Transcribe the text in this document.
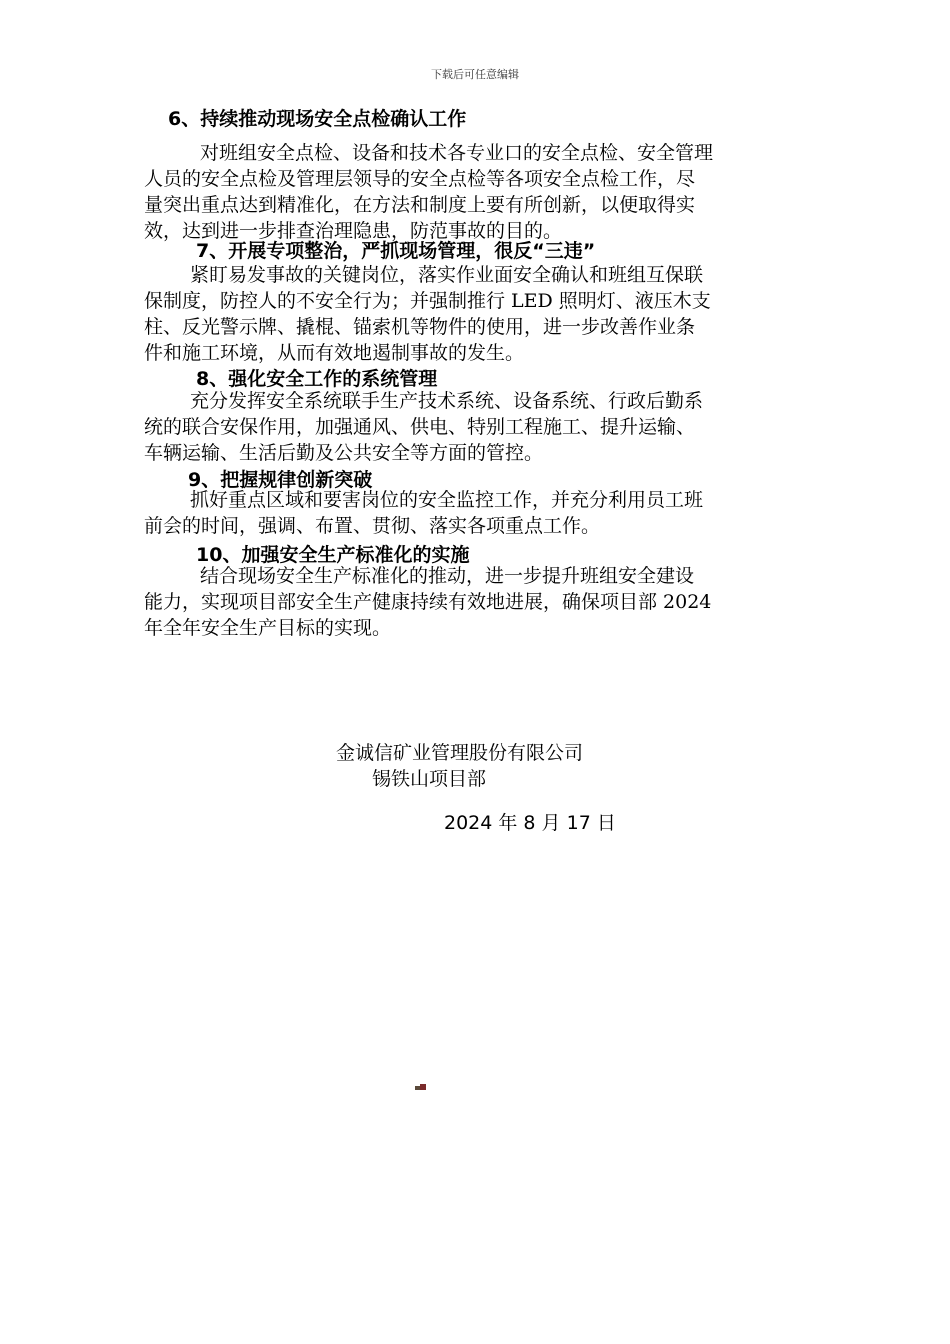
下载后可任意编辑
6、持续推动现场安全点检确认工作
对班组安全点检、设备和技术各专业口的安全点检、安全管理
人员的安全点检及管理层领导的安全点检等各项安全点检工作，尽
量突出重点达到精准化，在方法和制度上要有所创新，以便取得实
效，达到进一步排查治理隐患，防范事故的目的。
7、开展专项整治，严抓现场管理，很反“三违”
紧盯易发事故的关键岗位，落实作业面安全确认和班组互保联
保制度，防控人的不安全行为；并强制推行 LED 照明灯、液压木支
柱、反光警示牌、撬棍、锚索机等物件的使用，进一步改善作业条
件和施工环境，从而有效地遏制事故的发生。
8、强化安全工作的系统管理
充分发挥安全系统联手生产技术系统、设备系统、行政后勤系
统的联合安保作用，加强通风、供电、特别工程施工、提升运输、
车辆运输、生活后勤及公共安全等方面的管控。
9、把握规律创新突破
抓好重点区域和要害岗位的安全监控工作，并充分利用员工班
前会的时间，强调、布置、贯彻、落实各项重点工作。
10、加强安全生产标准化的实施
结合现场安全生产标准化的推动，进一步提升班组安全建设
能力，实现项目部安全生产健康持续有效地进展，确保项目部 2024
年全年安全生产目标的实现。
金诚信矿业管理股份有限公司
锡铁山项目部
2024 年 8 月 17 日
